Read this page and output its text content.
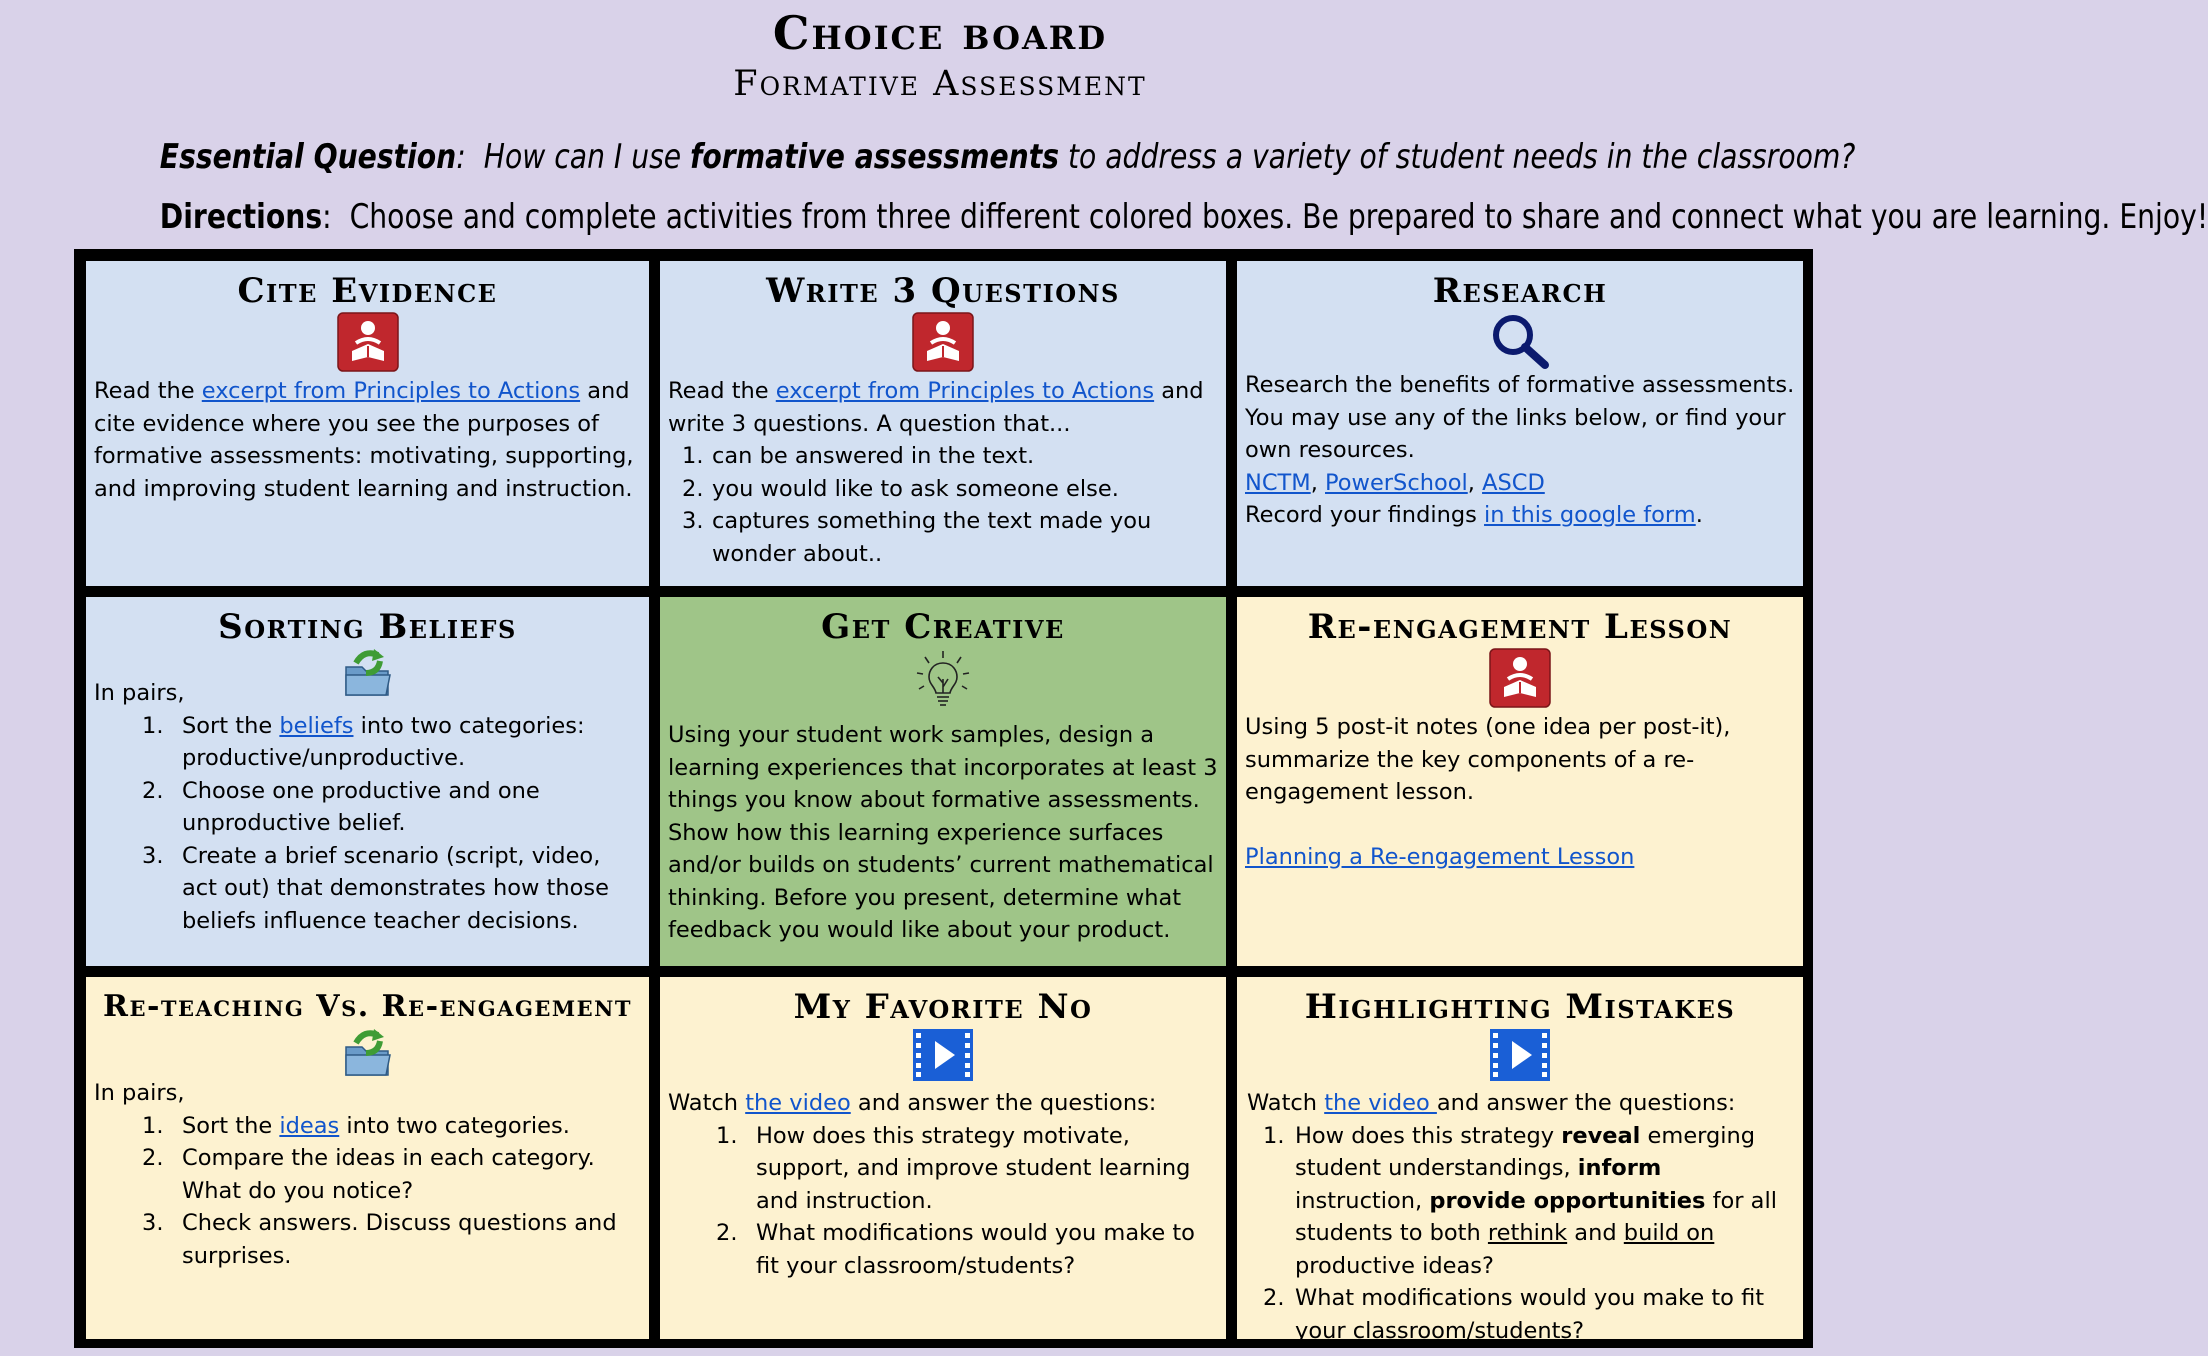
Choice board
Formative Assessment
Essential Question:  How can I use formative assessments to address a variety of student needs in the classroom?
Directions:  Choose and complete activities from three different colored boxes. Be prepared to share and connect what you are learning. Enjoy!
Cite Evidence

Read the excerpt from Principles to Actions and cite evidence where you see the purposes of formative assessments: motivating, supporting, and improving student learning and instruction.

Write 3 Questions

Read the excerpt from Principles to Actions and write 3 questions. A question that...

1. can be answered in the text.
2. you would like to ask someone else.
3. captures something the text made you wonder about..
Research

Research the benefits of formative assessments. You may use any of the links below, or find your own resources.

NCTM, PowerSchool, ASCD

Record your findings in this google form.

Sorting Beliefs

In pairs,

1. Sort the beliefs into two categories: productive/unproductive.
2. Choose one productive and one unproductive belief.
3. Create a brief scenario (script, video, act out) that demonstrates how those beliefs influence teacher decisions.
Get Creative

Using your student work samples, design a learning experiences that incorporates at least 3 things you know about formative assessments. Show how this learning experience surfaces and/or builds on students’ current mathematical thinking. Before you present, determine what feedback you would like about your product.

Re-engagement Lesson

Using 5 post-it notes (one idea per post-it), summarize the key components of a re-engagement lesson.

Planning a Re-engagement Lesson

Re-teaching Vs. Re-engagement

In pairs,

1. Sort the ideas into two categories.
2. Compare the ideas in each category. What do you notice?
3. Check answers. Discuss questions and surprises.
My Favorite No

Watch the video and answer the questions:

1. How does this strategy motivate, support, and improve student learning and instruction.
2. What modifications would you make to fit your classroom/students?
Highlighting Mistakes

Watch the video and answer the questions:

1. How does this strategy reveal emerging student understandings, inform instruction, provide opportunities for all students to both rethink and build on productive ideas?
2. What modifications would you make to fit your classroom/students?
